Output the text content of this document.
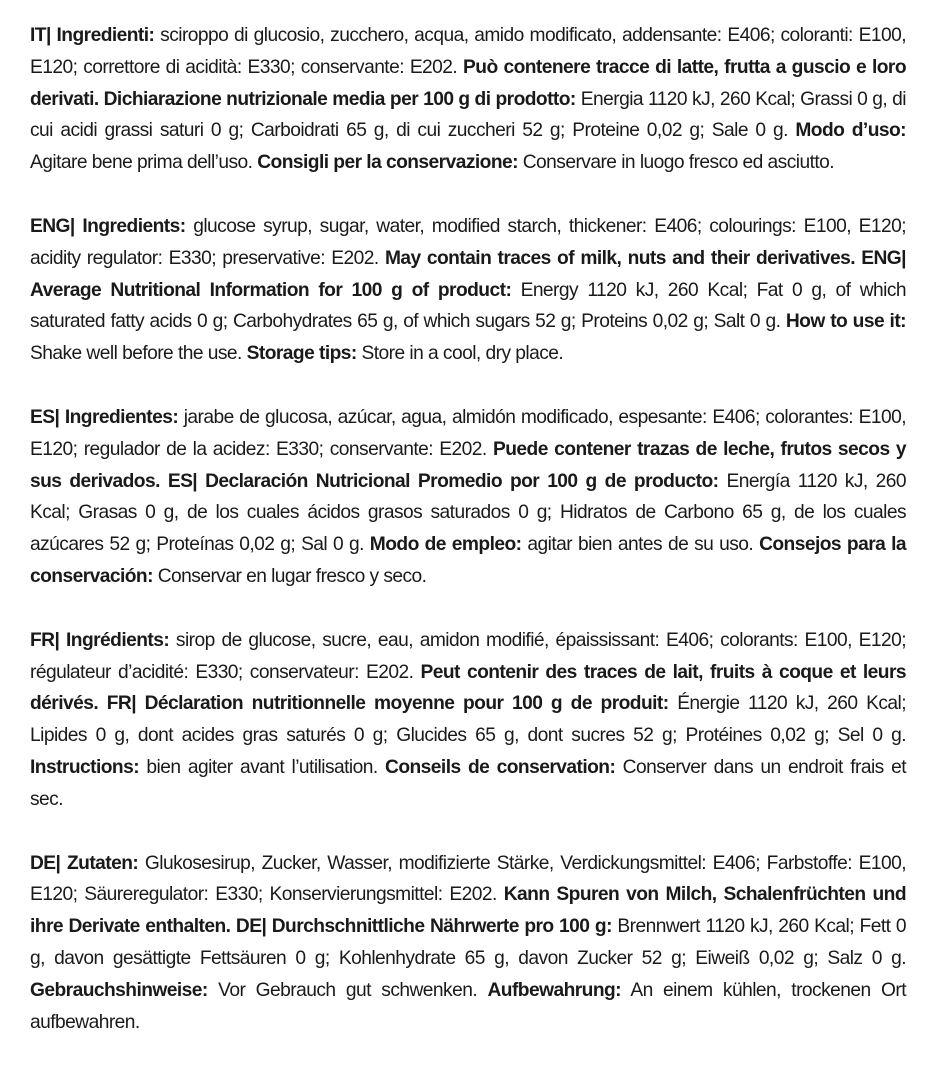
IT| Ingredienti: sciroppo di glucosio, zucchero, acqua, amido modificato, addensante: E406; coloranti: E100, E120; correttore di acidità: E330; conservante: E202. Può contenere tracce di latte, frutta a guscio e loro derivati. Dichiarazione nutrizionale media per 100 g di prodotto: Energia 1120 kJ, 260 Kcal; Grassi 0 g, di cui acidi grassi saturi 0 g; Carboidrati 65 g, di cui zuccheri 52 g; Proteine 0,02 g; Sale 0 g. Modo d’uso: Agitare bene prima dell’uso. Consigli per la conservazione: Conservare in luogo fresco ed asciutto.

ENG| Ingredients: glucose syrup, sugar, water, modified starch, thickener: E406; colourings: E100, E120; acidity regulator: E330; preservative: E202. May contain traces of milk, nuts and their derivatives. ENG| Average Nutritional Information for 100 g of product: Energy 1120 kJ, 260 Kcal; Fat 0 g, of which saturated fatty acids 0 g; Carbohydrates 65 g, of which sugars 52 g; Proteins 0,02 g; Salt 0 g. How to use it: Shake well before the use. Storage tips: Store in a cool, dry place.

ES| Ingredientes: jarabe de glucosa, azúcar, agua, almidón modificado, espesante: E406; colorantes: E100, E120; regulador de la acidez: E330; conservante: E202. Puede contener trazas de leche, frutos secos y sus derivados. ES| Declaración Nutricional Promedio por 100 g de producto: Energía 1120 kJ, 260 Kcal; Grasas 0 g, de los cuales ácidos grasos saturados 0 g; Hidratos de Carbono 65 g, de los cuales azúcares 52 g; Proteínas 0,02 g; Sal 0 g. Modo de empleo: agitar bien antes de su uso. Consejos para la conservación: Conservar en lugar fresco y seco.

FR| Ingrédients: sirop de glucose, sucre, eau, amidon modifié, épaississant: E406; colorants: E100, E120; régulateur d’acidité: E330; conservateur: E202. Peut contenir des traces de lait, fruits à coque et leurs dérivés. FR| Déclaration nutritionnelle moyenne pour 100 g de produit: Énergie 1120 kJ, 260 Kcal; Lipides 0 g, dont acides gras saturés 0 g; Glucides 65 g, dont sucres 52 g; Protéines 0,02 g; Sel 0 g. Instructions: bien agiter avant l’utilisation. Conseils de conservation: Conserver dans un endroit frais et sec.

DE| Zutaten: Glukosesirup, Zucker, Wasser, modifizierte Stärke, Verdickungsmittel: E406; Farbstoffe: E100, E120; Säureregulator: E330; Konservierungsmittel: E202. Kann Spuren von Milch, Schalenfrüchten und ihre Derivate enthalten. DE| Durchschnittliche Nährwerte pro 100 g: Brennwert 1120 kJ, 260 Kcal; Fett 0 g, davon gesättigte Fettsäuren 0 g; Kohlenhydrate 65 g, davon Zucker 52 g; Eiweiß 0,02 g; Salz 0 g. Gebrauchshinweise: Vor Gebrauch gut schwenken. Aufbewahrung: An einem kühlen, trockenen Ort aufbewahren.
